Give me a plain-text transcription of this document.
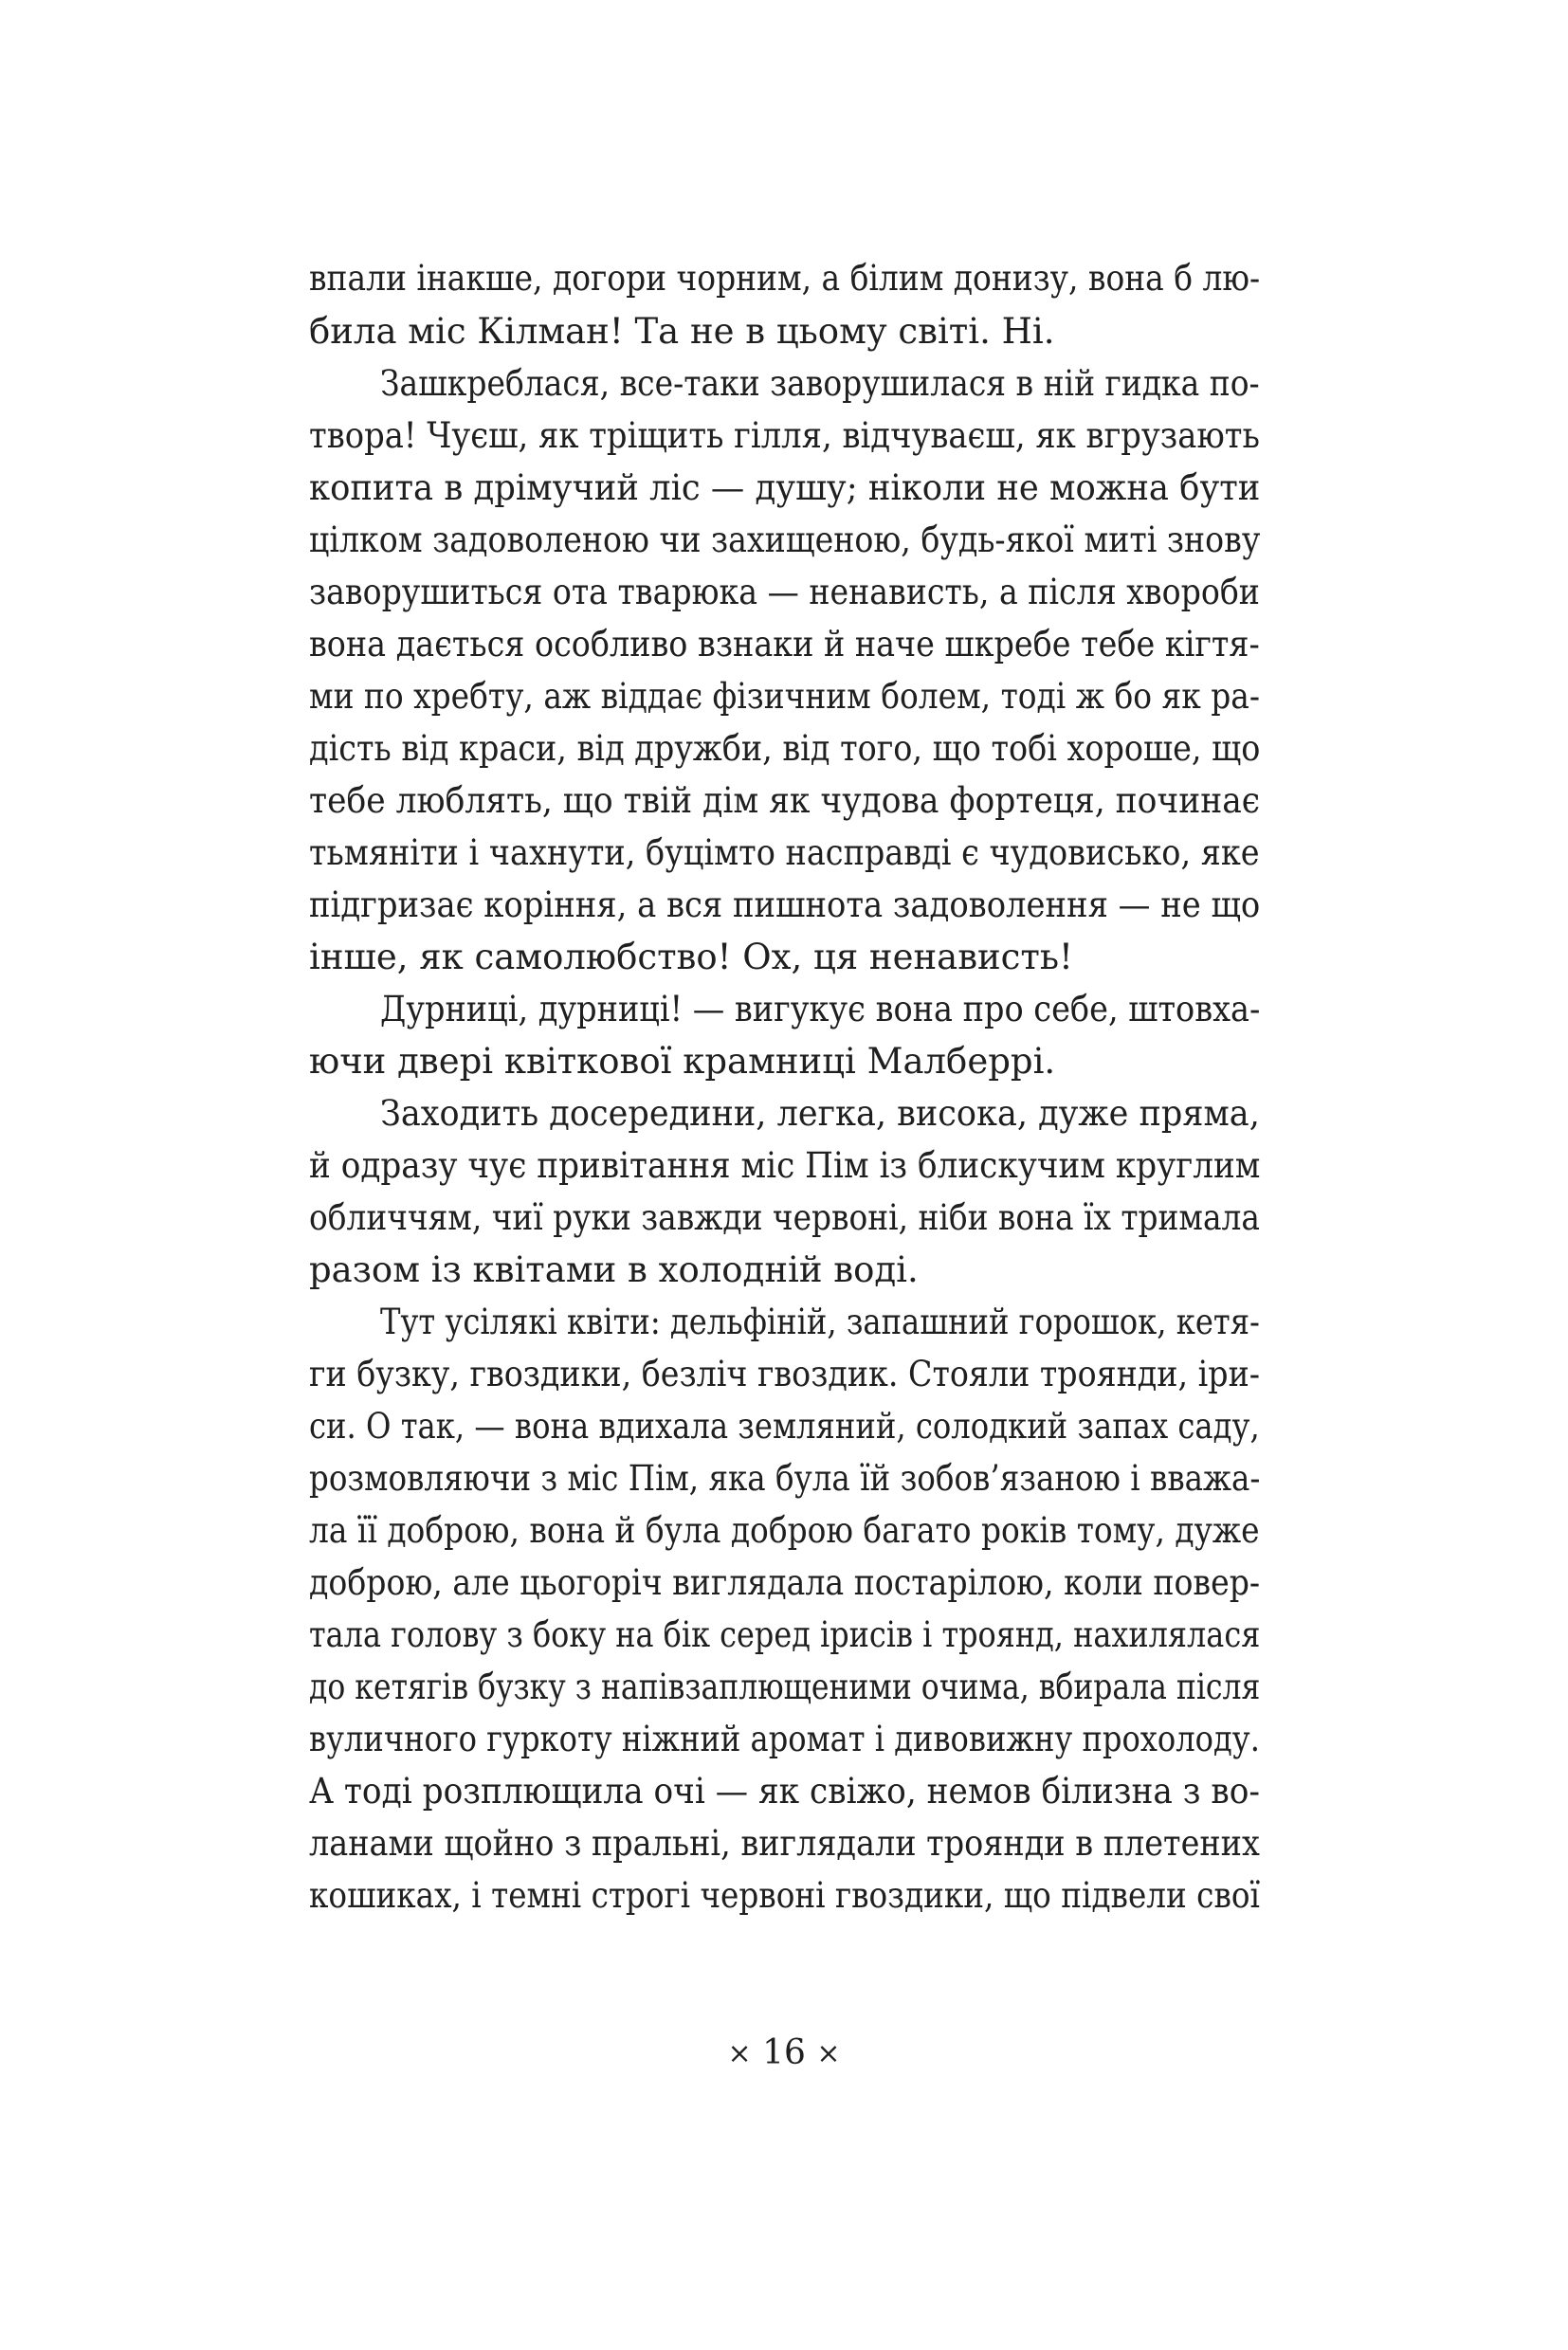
впали інакше, догори чорним, а білим донизу, вона б лю-

била міс Кілман! Та не в цьому світі. Ні.

Зашкреблася, все-таки заворушилася в ній гидка по-

твора! Чуєш, як тріщить гілля, відчуваєш, як вгрузають

копита в дрімучий ліс — душу; ніколи не можна бути

цілком задоволеною чи захищеною, будь-якої миті знову

заворушиться ота тварюка — ненависть, а після хвороби

вона дається особливо взнаки й наче шкребе тебе кігтя-

ми по хребту, аж віддає фізичним болем, тоді ж бо як ра-

дість від краси, від дружби, від того, що тобі хороше, що

тебе люблять, що твій дім як чудова фортеця, починає

тьмяніти і чахнути, буцімто насправді є чудовисько, яке

підгризає коріння, а вся пишнота задоволення — не що

інше, як самолюбство! Ох, ця ненависть!

Дурниці, дурниці! — вигукує вона про себе, штовха-

ючи двері квіткової крамниці Малберрі.

Заходить досередини, легка, висока, дуже пряма,

й одразу чує привітання міс Пім із блискучим круглим

обличчям, чиї руки завжди червоні, ніби вона їх тримала

разом із квітами в холодній воді.

Тут усілякі квіти: дельфіній, запашний горошок, кетя-

ги бузку, гвоздики, безліч гвоздик. Стояли троянди, іри-

си. О так, — вона вдихала земляний, солодкий запах саду,

розмовляючи з міс Пім, яка була їй зобов’язаною і вважа-

ла її доброю, вона й була доброю багато років тому, дуже

доброю, але цьогоріч виглядала постарілою, коли повер-

тала голову з боку на бік серед ірисів і троянд, нахилялася

до кетягів бузку з напівзаплющеними очима, вбирала після

вуличного гуркоту ніжний аромат і дивовижну прохолоду.

А тоді розплющила очі — як свіжо, немов білизна з во-

ланами щойно з пральні, виглядали троянди в плетених

кошиках, і темні строгі червоні гвоздики, що підвели свої

× 16 ×
